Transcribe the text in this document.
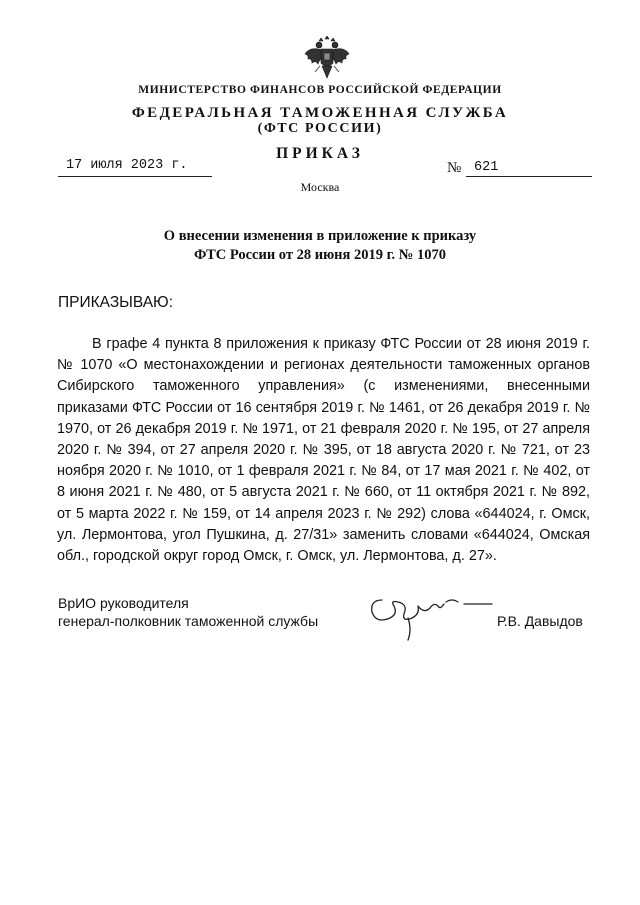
МИНИСТЕРСТВО ФИНАНСОВ РОССИЙСКОЙ ФЕДЕРАЦИИ
ФЕДЕРАЛЬНАЯ ТАМОЖЕННАЯ СЛУЖБА
(ФТС РОССИИ)
ПРИКАЗ
17 июля 2023 г.	№ 621
Москва
О внесении изменения в приложение к приказу
ФТС России от 28 июня 2019 г. № 1070
ПРИКАЗЫВАЮ:

В графе 4 пункта 8 приложения к приказу ФТС России от 28 июня 2019 г. № 1070 «О местонахождении и регионах деятельности таможенных органов Сибирского таможенного управления» (с изменениями, внесенными приказами ФТС России от 16 сентября 2019 г. № 1461, от 26 декабря 2019 г. № 1970, от 26 декабря 2019 г. № 1971, от 21 февраля 2020 г. № 195, от 27 апреля 2020 г. № 394, от 27 апреля 2020 г. № 395, от 18 августа 2020 г. № 721, от 23 ноября 2020 г. № 1010, от 1 февраля 2021 г. № 84, от 17 мая 2021 г. № 402, от 8 июня 2021 г. № 480, от 5 августа 2021 г. № 660, от 11 октября 2021 г. № 892, от 5 марта 2022 г. № 159, от 14 апреля 2023 г. № 292) слова «644024, г. Омск, ул. Лермонтова, угол Пушкина, д. 27/31» заменить словами «644024, Омская обл., городской округ город Омск, г. Омск, ул. Лермонтова, д. 27».

ВрИО руководителя
генерал-полковник таможенной службы	Р.В. Давыдов
